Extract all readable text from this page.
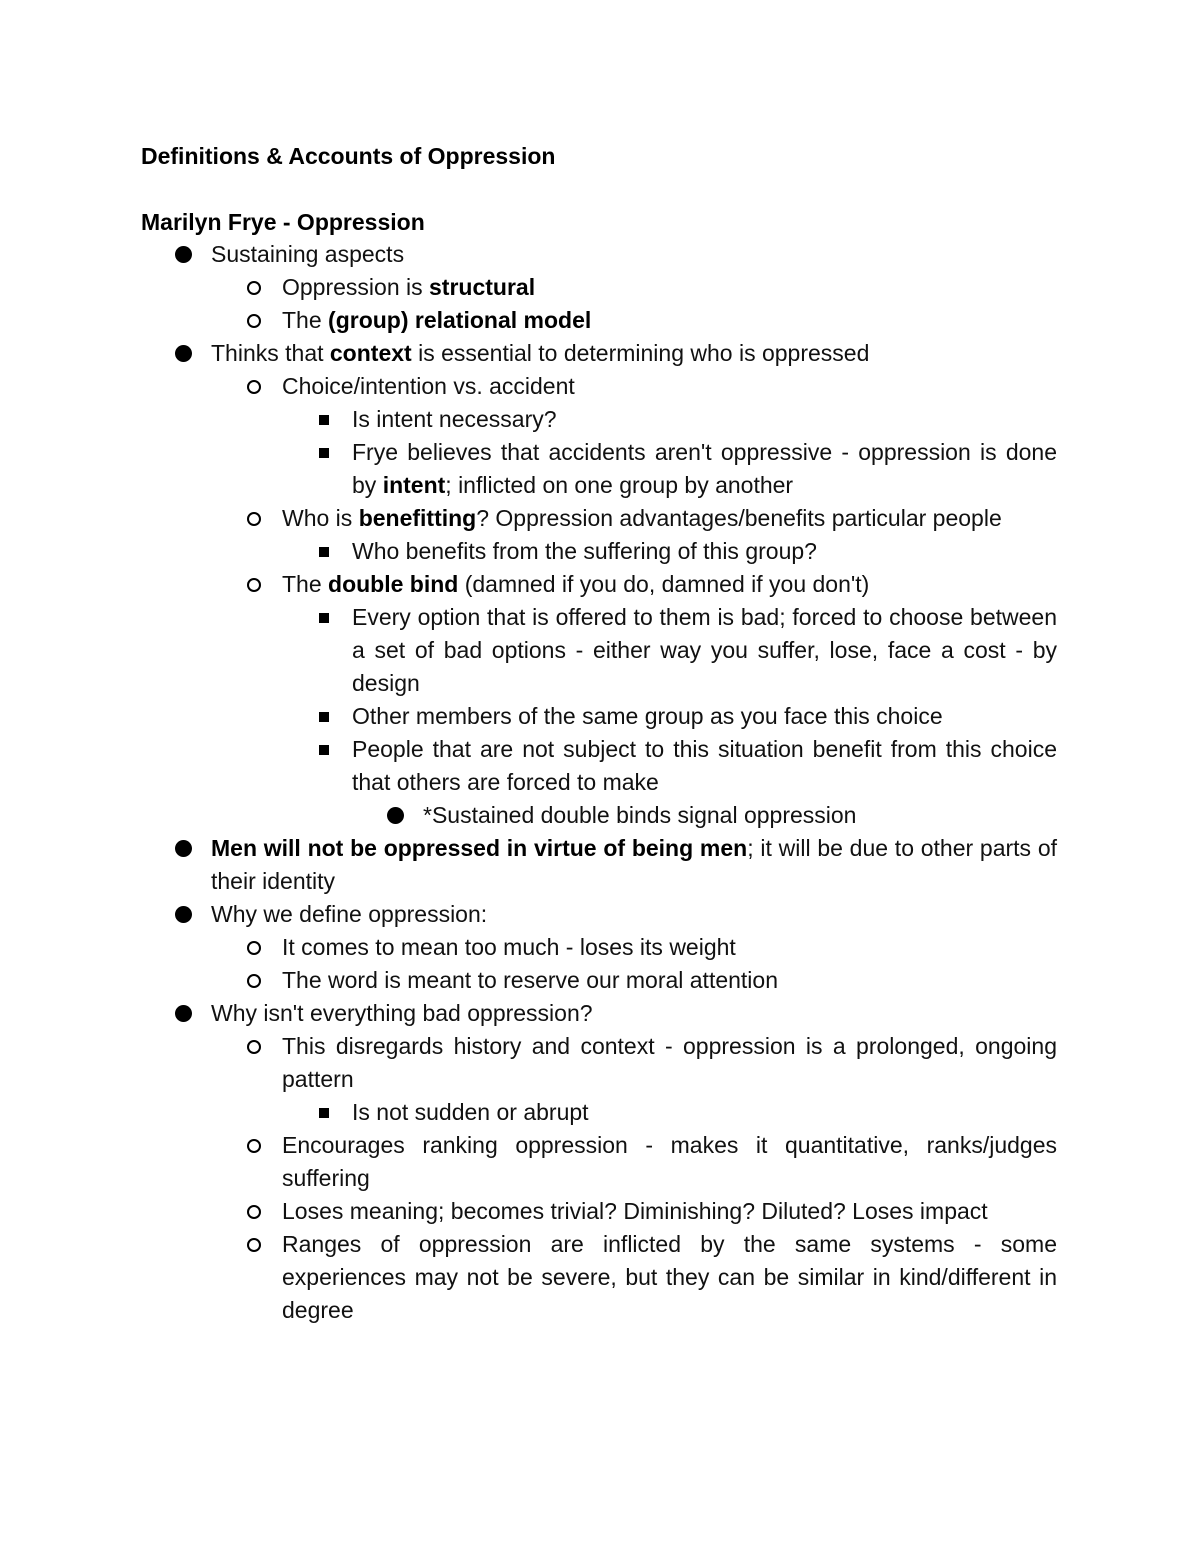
Definitions & Accounts of Oppression
Marilyn Frye - Oppression
Sustaining aspects
Oppression is structural
The (group) relational model
Thinks that context is essential to determining who is oppressed
Choice/intention vs. accident
Is intent necessary?
Frye believes that accidents aren't oppressive - oppression is done by intent; inflicted on one group by another
Who is benefitting? Oppression advantages/benefits particular people
Who benefits from the suffering of this group?
The double bind (damned if you do, damned if you don't)
Every option that is offered to them is bad; forced to choose between a set of bad options - either way you suffer, lose, face a cost - by design
Other members of the same group as you face this choice
People that are not subject to this situation benefit from this choice that others are forced to make
*Sustained double binds signal oppression
Men will not be oppressed in virtue of being men; it will be due to other parts of their identity
Why we define oppression:
It comes to mean too much - loses its weight
The word is meant to reserve our moral attention
Why isn't everything bad oppression?
This disregards history and context - oppression is a prolonged, ongoing pattern
Is not sudden or abrupt
Encourages ranking oppression - makes it quantitative, ranks/judges suffering
Loses meaning; becomes trivial? Diminishing? Diluted? Loses impact
Ranges of oppression are inflicted by the same systems - some experiences may not be severe, but they can be similar in kind/different in degree
